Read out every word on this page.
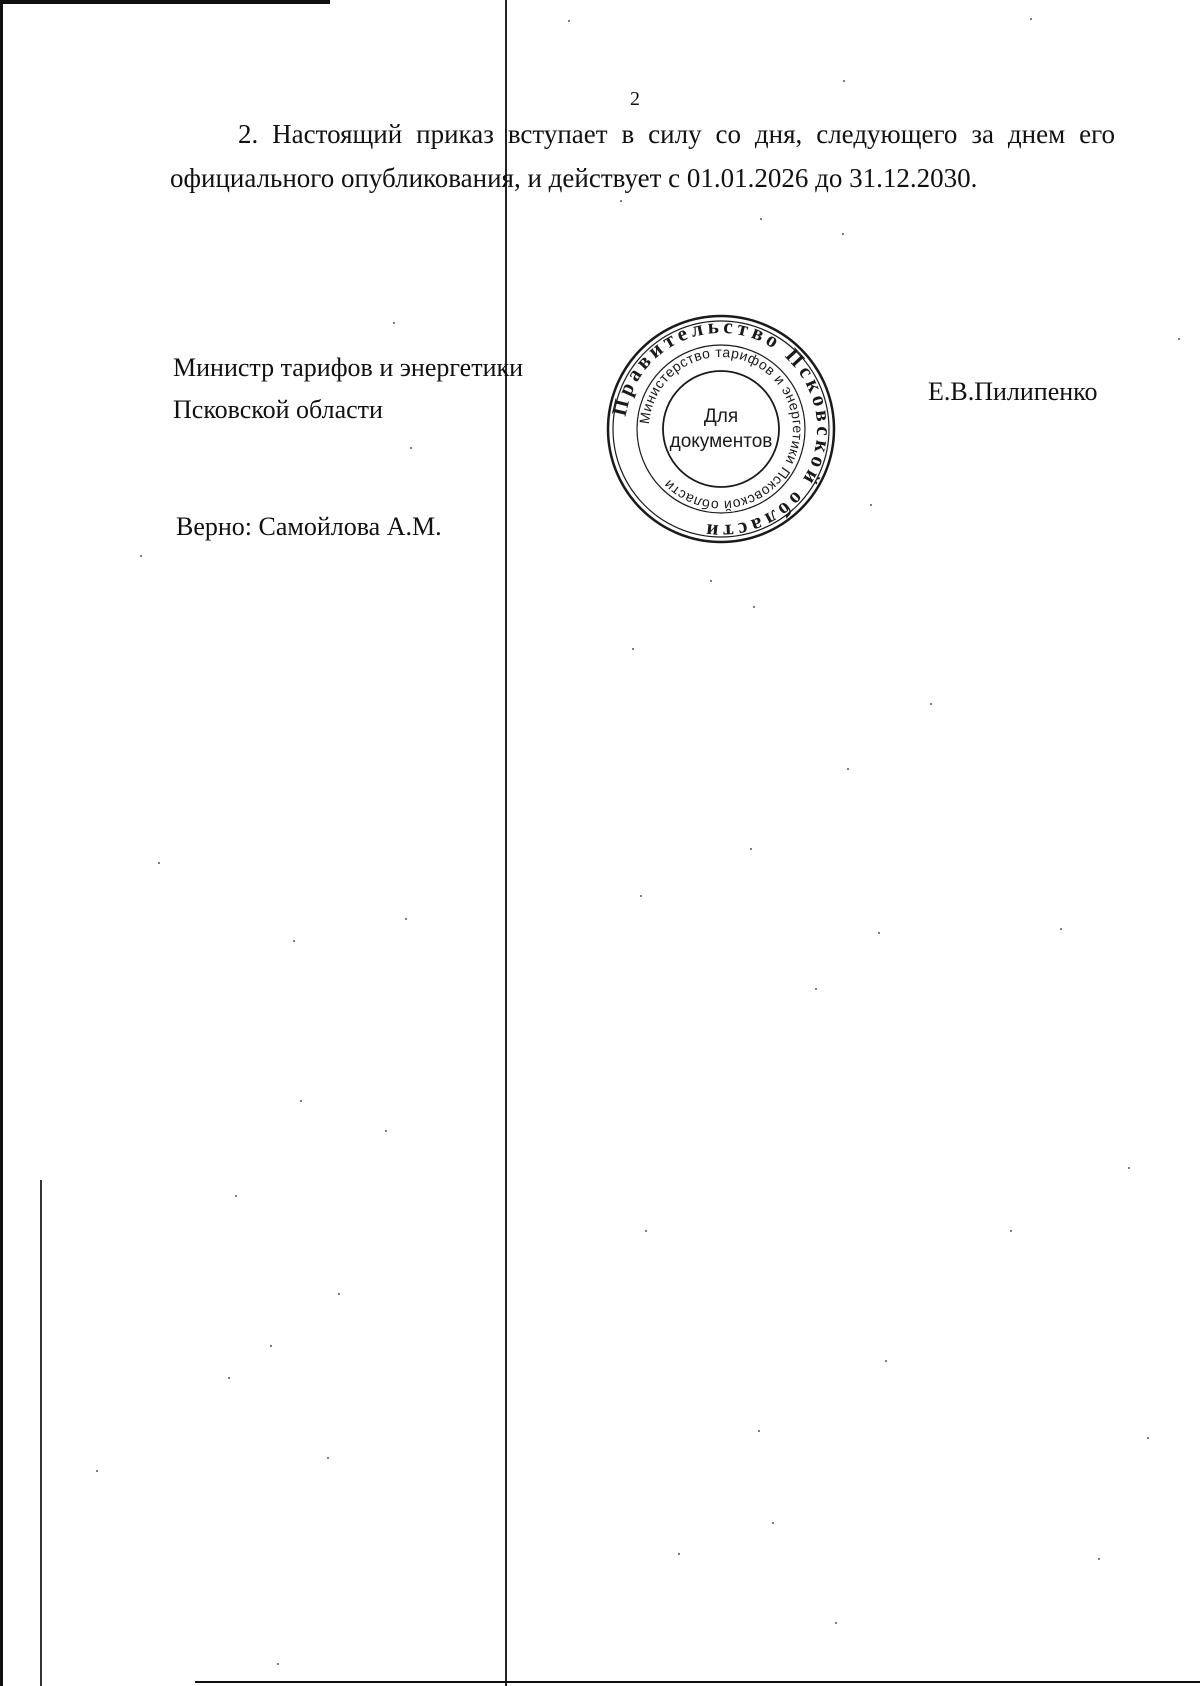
2

2. Настоящий приказ вступает в силу со дня, следующего за днем его официального опубликования, и действует с 01.01.2026 до 31.12.2030.

Министр тарифов и энергетики
Псковской области	Правительство Псковской области
Министерство тарифов и энергетики Псковской области
Для
документов
Е.В.Пилипенко
Верно: Самойлова А.М.
